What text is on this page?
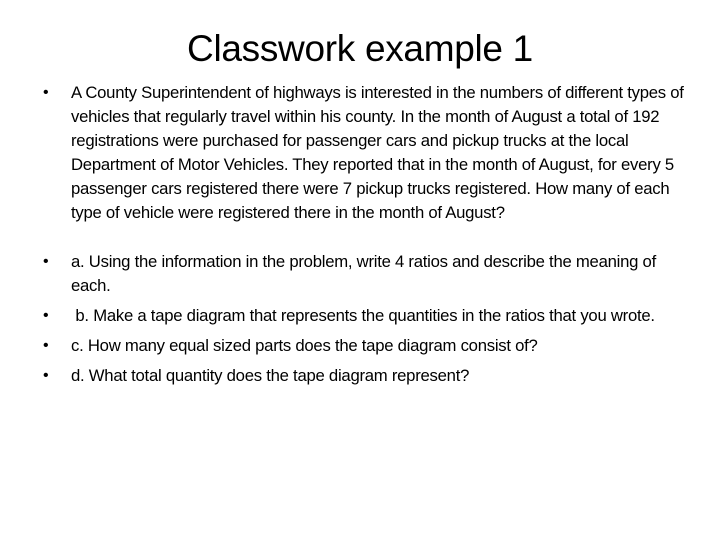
Classwork example 1
• A County Superintendent of highways is interested in the numbers of different types of vehicles that regularly travel within his county. In the month of August a total of 192 registrations were purchased for passenger cars and pickup trucks at the local Department of Motor Vehicles. They reported that in the month of August, for every 5 passenger cars registered there were 7 pickup trucks registered. How many of each type of vehicle were registered there in the month of August?
• a. Using the information in the problem, write 4 ratios and describe the meaning of each.
• b. Make a tape diagram that represents the quantities in the ratios that you wrote.
• c. How many equal sized parts does the tape diagram consist of?
• d. What total quantity does the tape diagram represent?
